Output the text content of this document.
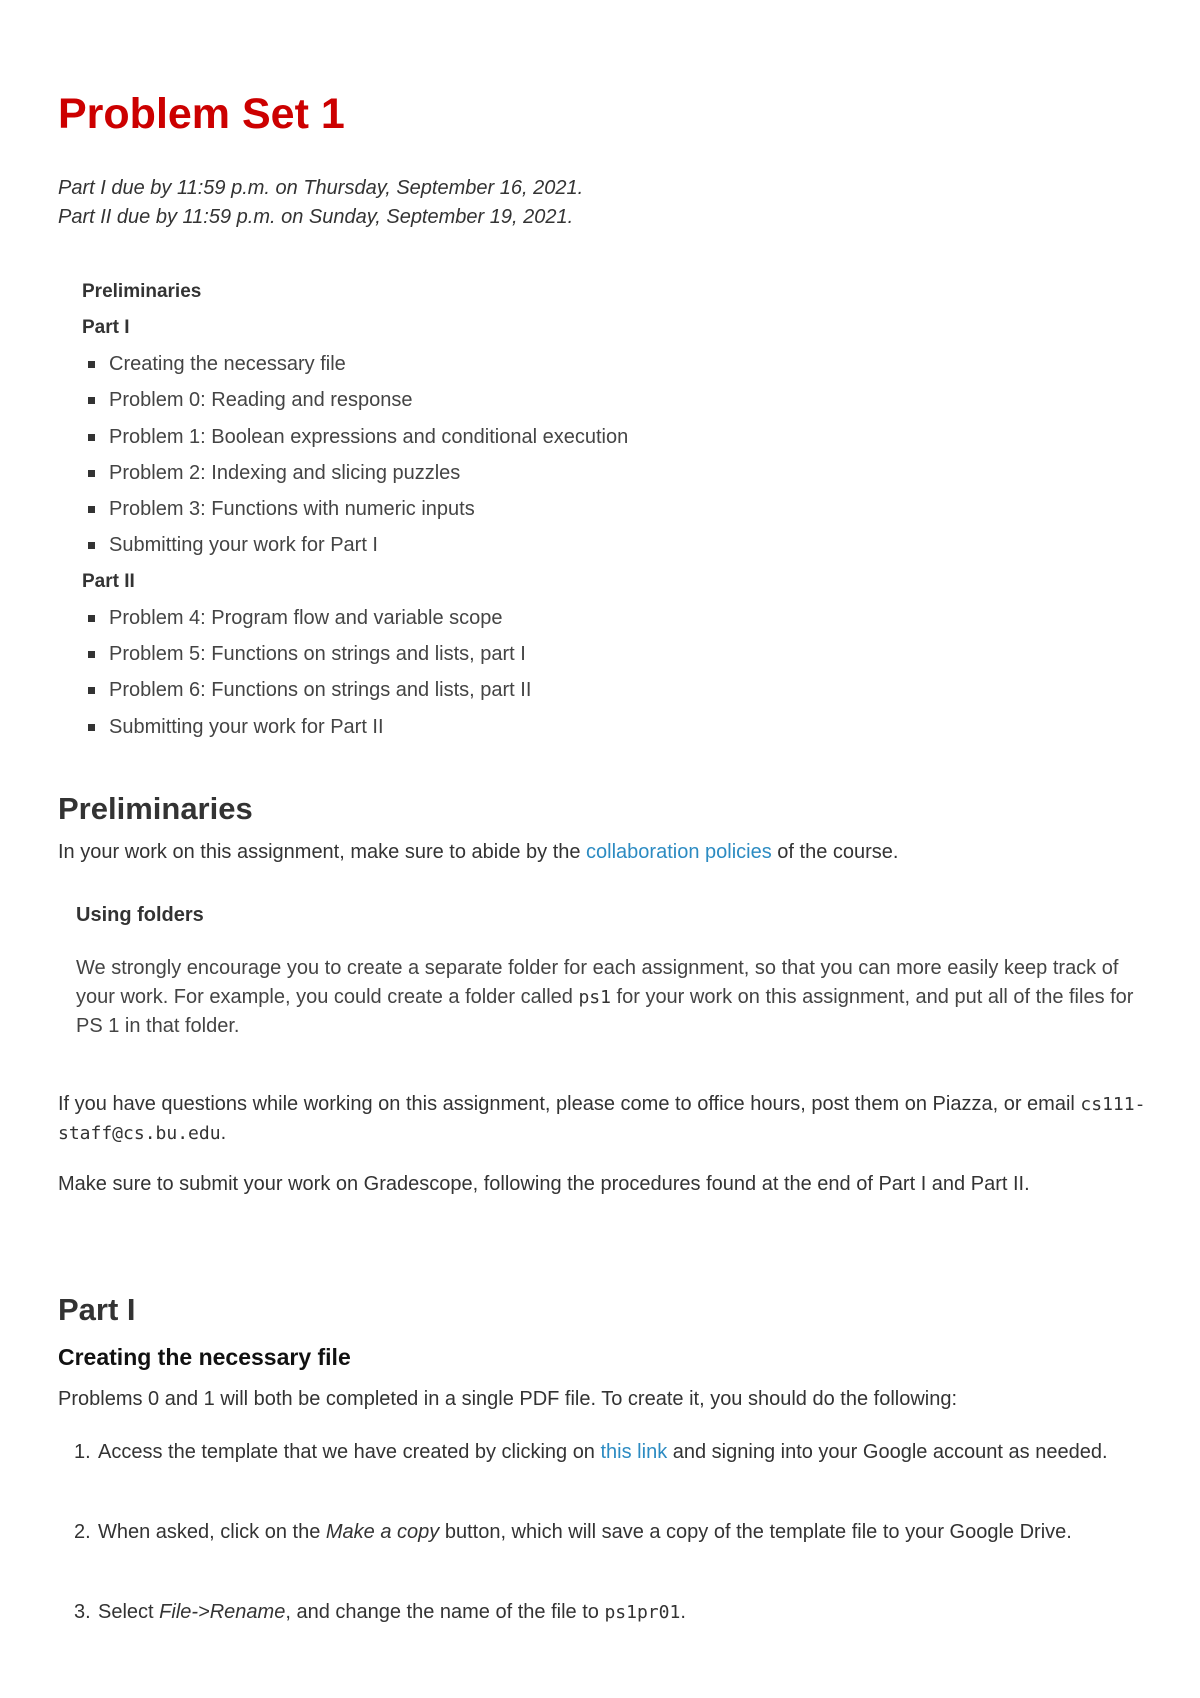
Problem Set 1
Part I due by 11:59 p.m. on Thursday, September 16, 2021.
Part II due by 11:59 p.m. on Sunday, September 19, 2021.
Preliminaries
Part I
Creating the necessary file
Problem 0: Reading and response
Problem 1: Boolean expressions and conditional execution
Problem 2: Indexing and slicing puzzles
Problem 3: Functions with numeric inputs
Submitting your work for Part I
Part II
Problem 4: Program flow and variable scope
Problem 5: Functions on strings and lists, part I
Problem 6: Functions on strings and lists, part II
Submitting your work for Part II
Preliminaries

In your work on this assignment, make sure to abide by the collaboration policies of the course.

Using folders
We strongly encourage you to create a separate folder for each assignment, so that you can more easily keep track of your work. For example, you could create a folder called ps1 for your work on this assignment, and put all of the files for PS 1 in that folder.

If you have questions while working on this assignment, please come to office hours, post them on Piazza, or email cs111-staff@cs.bu.edu.

Make sure to submit your work on Gradescope, following the procedures found at the end of Part I and Part II.

Part I
Creating the necessary file

Problems 0 and 1 will both be completed in a single PDF file. To create it, you should do the following:

1. Access the template that we have created by clicking on this link and signing into your Google account as needed.
2. When asked, click on the Make a copy button, which will save a copy of the template file to your Google Drive.
3. Select File->Rename, and change the name of the file to ps1pr01.
